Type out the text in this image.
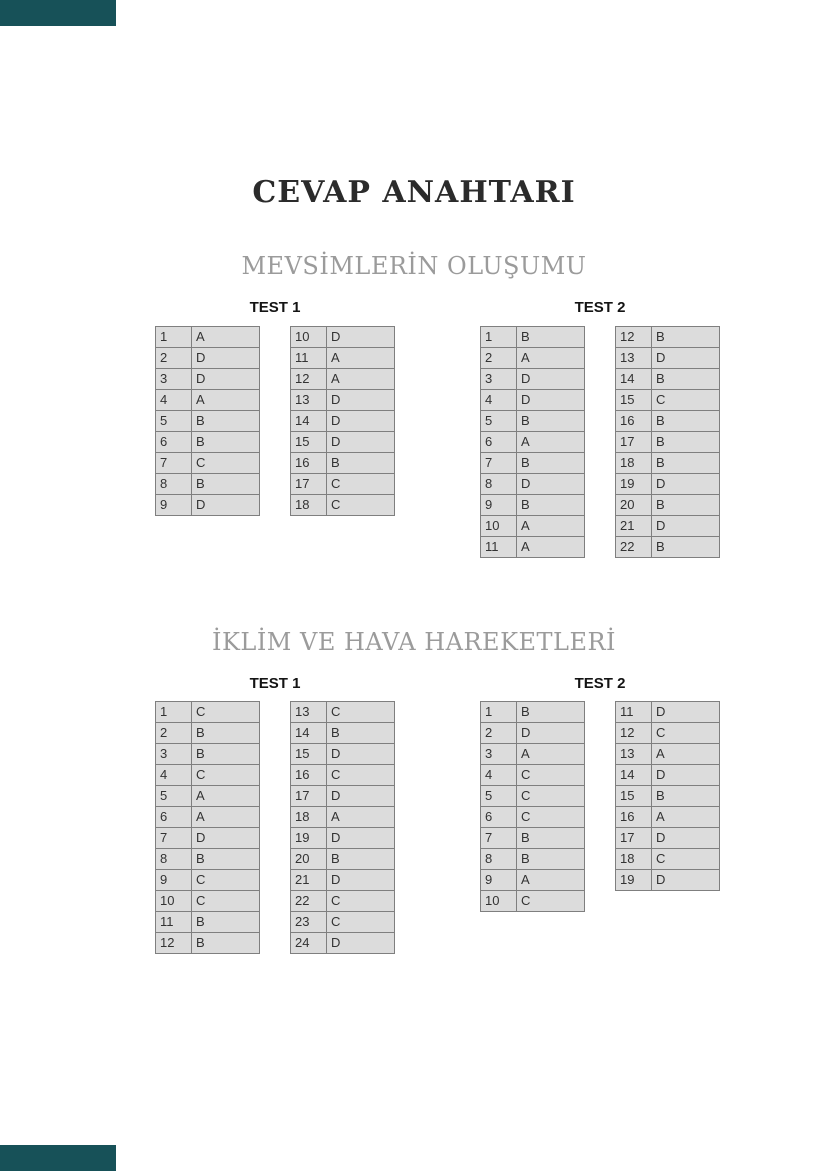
CEVAP ANAHTARI
MEVSİMLERİN OLUŞUMU
TEST 1
1	A
2	D
3	D
4	A
5	B
6	B
7	C
8	B
9	D
10	D
11	A
12	A
13	D
14	D
15	D
16	B
17	C
18	C
TEST 2
1	B
2	A
3	D
4	D
5	B
6	A
7	B
8	D
9	B
10	A
11	A
12	B
13	D
14	B
15	C
16	B
17	B
18	B
19	D
20	B
21	D
22	B
İKLİM VE HAVA HAREKETLERİ
TEST 1
1	C
2	B
3	B
4	C
5	A
6	A
7	D
8	B
9	C
10	C
11	B
12	B
13	C
14	B
15	D
16	C
17	D
18	A
19	D
20	B
21	D
22	C
23	C
24	D
TEST 2
1	B
2	D
3	A
4	C
5	C
6	C
7	B
8	B
9	A
10	C
11	D
12	C
13	A
14	D
15	B
16	A
17	D
18	C
19	D
